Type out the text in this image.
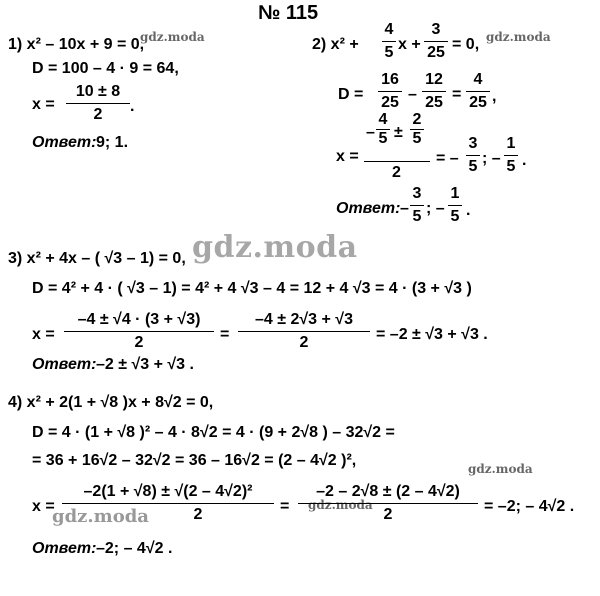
№ 115
1) x² – 10x + 9 = 0,
gdz.moda
D = 100 – 4 · 9 = 64,
x =
10 ± 8
2	.
Ответ: 9; 1.
2) x² +
4
5 x +
3
25 = 0, gdz.moda
D =
16
25 –
12
25 =
4
25 ,
x =
–
4
5 ±
2
5
2
= –
3
5 ; –
1
5 .
Ответ: –
3
5 ; –
1
5 .
3) x² + 4x – ( √3 – 1) = 0, gdz.moda
D = 4² + 4 · ( √3 – 1) = 4² + 4 √3 – 4 = 12 + 4 √3 = 4 · (3 + √3 )
x =
–4 ± √4 · (3 + √3)
2	=
–4 ± 2√3 + √3
2	= –2 ± √3 + √3 .
Ответ: –2 ± √3 + √3 .
4) x² + 2(1 + √8 )x + 8√2 = 0,
D = 4 · (1 + √8 )² – 4 · 8√2 = 4 · (9 + 2√8 ) – 32√2 =
= 36 + 16√2 – 32√2 = 36 – 16√2 = (2 – 4√2 )²,	gdz.moda
x =
–2(1 + √8) ± √(2 – 4√2)²
2
gdz.moda
gdz.moda
=
–2 – 2√8 ± (2 – 4√2)
2	= –2; – 4√2 .
Ответ: –2; – 4√2 .
